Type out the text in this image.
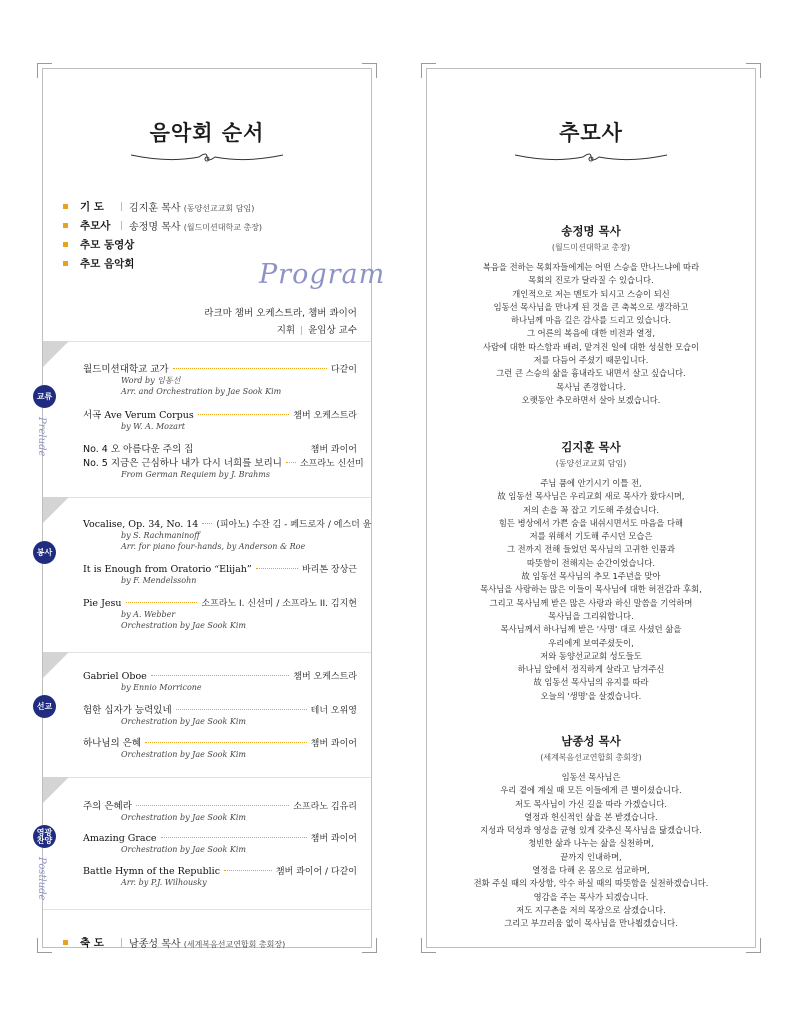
음악회 순서
기 도	| 김지훈 목사 (동양선교교회 담임)
추모사	| 송정명 목사 (월드미션대학교 총장)
추모 동영상
추모 음악회	Program
라크마 챔버 오케스트라, 챔버 콰이어
지휘 | 윤임상 교수
교류
Prelude
월드미션대학교 교가	다같이
Word by 임동선
Arr. and Orchestration by Jae Sook Kim
서곡 Ave Verum Corpus	챔버 오케스트라
by W. A. Mozart
No. 4 오 아름다운 주의 집	챔버 콰이어
No. 5 지금은 근심하나 내가 다시 너희를 보리니 소프라노 신선미
From German Requiem by J. Brahms
봉사
Vocalise, Op. 34, No. 14 (피아노) 수잔 김 - 페드로자 / 에스더 윤
by S. Rachmaninoff
Arr. for piano four-hands, by Anderson & Roe
It is Enough from Oratorio “Elijah”	바리톤 장상근
by F. Mendelssohn
Pie Jesu	소프라노 I. 신선미 / 소프라노 II. 김지현
by A. Webber
Orchestration by Jae Sook Kim
선교
Gabriel Oboe	챔버 오케스트라
by Ennio Morricone
험한 십자가 능력있네	테너 오위영
Orchestration by Jae Sook Kim
하나님의 은혜	챔버 콰이어
Orchestration by Jae Sook Kim
영광 찬양
Postlude
주의 은혜라	소프라노 김유리
Orchestration by Jae Sook Kim
Amazing Grace	챔버 콰이어
Orchestration by Jae Sook Kim
Battle Hymn of the Republic	챔버 콰이어 / 다같이
Arr. by P.J. Wilhousky
축 도	| 남종성 목사 (세계복음선교연합회 총회장)
추모사
송정명 목사
(월드미션대학교 총장)
복음을 전하는 목회자들에게는 어떤 스승을 만나느냐에 따라
목회의 진로가 달라질 수 있습니다.
개인적으로 저는 멘토가 되시고 스승이 되신
임동선 목사님을 만나게 된 것을 큰 축복으로 생각하고
하나님께 마음 깊은 감사를 드리고 있습니다.
그 어른의 복음에 대한 비전과 열정,
사람에 대한 따스함과 배려, 맡겨진 일에 대한 성실한 모습이
저를 다듬어 주셨기 때문입니다.
그런 큰 스승의 삶을 흉내라도 내면서 살고 싶습니다.
목사님 존경합니다.
오랫동안 추모하면서 살아 보겠습니다.
김지훈 목사
(동양선교교회 담임)
주님 품에 안기시기 이틀 전,
故 임동선 목사님은 우리교회 새로 목사가 왔다시며,
저의 손을 꼭 잡고 기도해 주셨습니다.
힘든 병상에서 가쁜 숨을 내쉬시면서도 마음을 다해
저를 위해서 기도해 주시던 모습은
그 전까지 전해 들었던 목사님의 고귀한 인품과
따뜻함이 전해지는 순간이었습니다.
故 임동선 목사님의 추모 1주년을 맞아
목사님을 사랑하는 많은 이들이 목사님에 대한 허전감과 후회,
그리고 목사님께 받은 많은 사랑과 하신 말씀을 기억하며
목사님을 그리워합니다.
목사님께서 하나님께 받은 '사명' 대로 사셨던 삶을
우리에게 보여주셨듯이,
저와 동양선교교회 성도들도
하나님 앞에서 정직하게 살라고 남겨주신
故 임동선 목사님의 유지를 따라
오늘의 '생명'을 살겠습니다.
남종성 목사
(세계복음선교연합회 총회장)
임동선 목사님은
우리 곁에 계실 때 모든 이들에게 큰 별이셨습니다.
저도 목사님이 가신 길을 따라 가겠습니다.
열정과 헌신적인 삶을 본 받겠습니다.
지성과 덕성과 영성을 균형 있게 갖추신 목사님을 닮겠습니다.
청빈한 삶과 나누는 삶을 실천하며,
끝까지 인내하며,
열정을 다해 온 몸으로 섬교하며,
전화 주실 때의 자상함, 악수 하실 때의 따뜻함을 실천하겠습니다.
영감을 주는 목사가 되겠습니다.
저도 지구촌을 저의 목장으로 삼겠습니다.
그리고 부끄러움 없이 목사님을 만나뵙겠습니다.
